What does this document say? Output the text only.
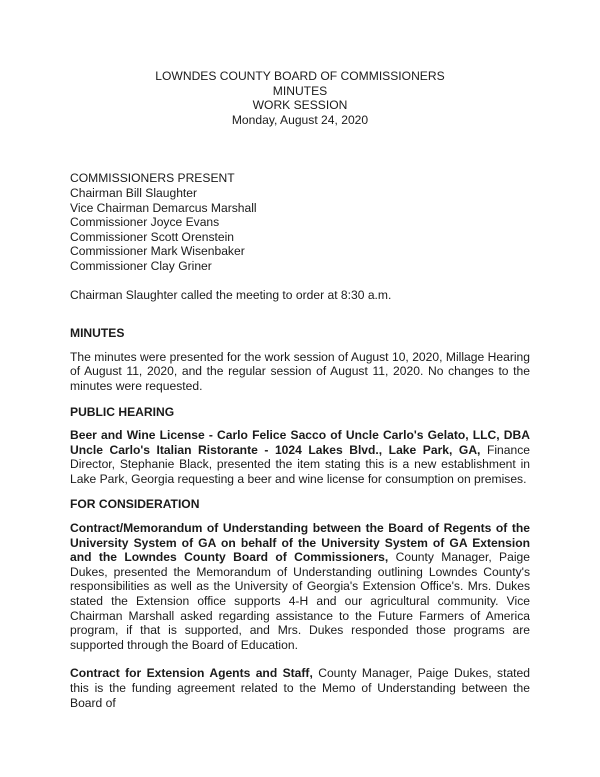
LOWNDES COUNTY BOARD OF COMMISSIONERS
MINUTES
WORK SESSION
Monday, August 24, 2020
COMMISSIONERS PRESENT
Chairman Bill Slaughter
Vice Chairman Demarcus Marshall
Commissioner Joyce Evans
Commissioner Scott Orenstein
Commissioner Mark Wisenbaker
Commissioner Clay Griner
Chairman Slaughter called the meeting to order at 8:30 a.m.
MINUTES
The minutes were presented for the work session of August 10, 2020, Millage Hearing of August 11, 2020, and the regular session of August 11, 2020. No changes to the minutes were requested.
PUBLIC HEARING
Beer and Wine License - Carlo Felice Sacco of Uncle Carlo's Gelato, LLC, DBA Uncle Carlo's Italian Ristorante - 1024 Lakes Blvd., Lake Park, GA, Finance Director, Stephanie Black, presented the item stating this is a new establishment in Lake Park, Georgia requesting a beer and wine license for consumption on premises.
FOR CONSIDERATION
Contract/Memorandum of Understanding between the Board of Regents of the University System of GA on behalf of the University System of GA Extension and the Lowndes County Board of Commissioners, County Manager, Paige Dukes, presented the Memorandum of Understanding outlining Lowndes County's responsibilities as well as the University of Georgia's Extension Office's. Mrs. Dukes stated the Extension office supports 4-H and our agricultural community. Vice Chairman Marshall asked regarding assistance to the Future Farmers of America program, if that is supported, and Mrs. Dukes responded those programs are supported through the Board of Education.
Contract for Extension Agents and Staff, County Manager, Paige Dukes, stated this is the funding agreement related to the Memo of Understanding between the Board of
